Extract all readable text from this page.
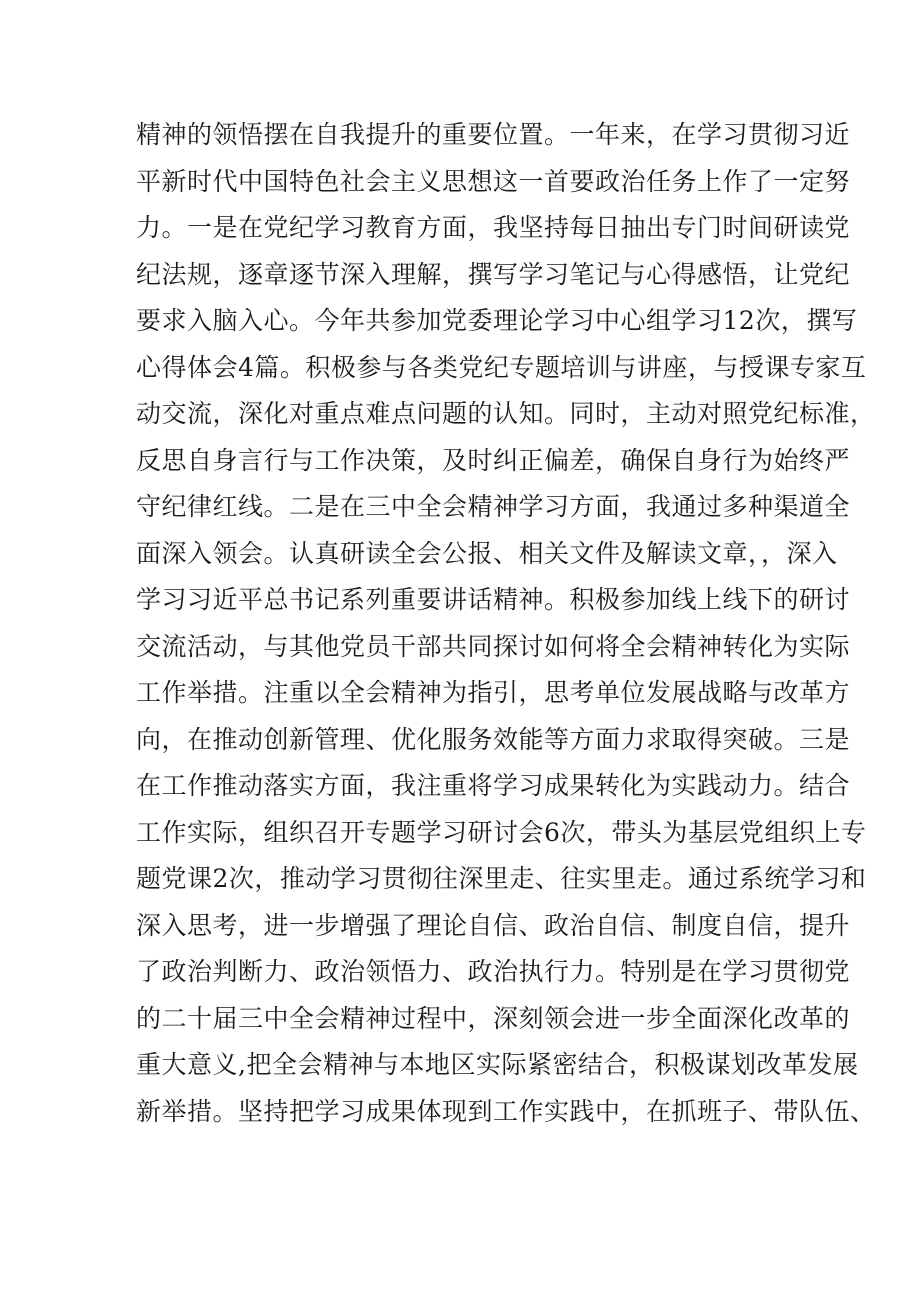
精神的领悟摆在自我提升的重要位置。一年来，在学习贯彻习近
平新时代中国特色社会主义思想这一首要政治任务上作了一定努
力。一是在党纪学习教育方面，我坚持每日抽出专门时间研读党
纪法规，逐章逐节深入理解，撰写学习笔记与心得感悟，让党纪
要求入脑入心。今年共参加党委理论学习中心组学习12次，撰写
心得体会4篇。积极参与各类党纪专题培训与讲座，与授课专家互
动交流，深化对重点难点问题的认知。同时，主动对照党纪标准，
反思自身言行与工作决策，及时纠正偏差，确保自身行为始终严
守纪律红线。二是在三中全会精神学习方面，我通过多种渠道全
面深入领会。认真研读全会公报、相关文件及解读文章，，深入
学习习近平总书记系列重要讲话精神。积极参加线上线下的研讨
交流活动，与其他党员干部共同探讨如何将全会精神转化为实际
工作举措。注重以全会精神为指引，思考单位发展战略与改革方
向，在推动创新管理、优化服务效能等方面力求取得突破。三是
在工作推动落实方面，我注重将学习成果转化为实践动力。结合
工作实际，组织召开专题学习研讨会6次，带头为基层党组织上专
题党课2次，推动学习贯彻往深里走、往实里走。通过系统学习和
深入思考，进一步增强了理论自信、政治自信、制度自信，提升
了政治判断力、政治领悟力、政治执行力。特别是在学习贯彻党
的二十届三中全会精神过程中，深刻领会进一步全面深化改革的
重大意义,把全会精神与本地区实际紧密结合，积极谋划改革发展
新举措。坚持把学习成果体现到工作实践中，在抓班子、带队伍、
